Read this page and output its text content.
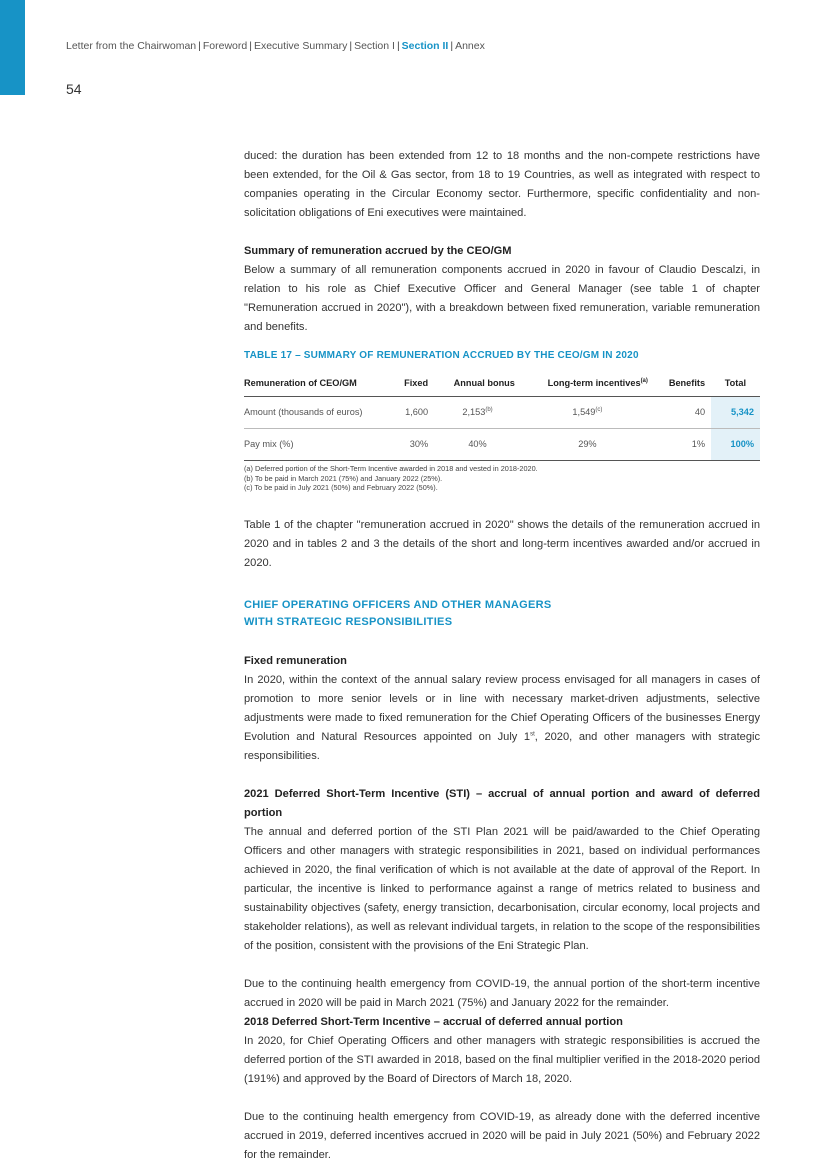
Letter from the Chairwoman | Foreword | Executive Summary | Section I | Section II | Annex
54

duced: the duration has been extended from 12 to 18 months and the non-compete restrictions have been extended, for the Oil & Gas sector, from 18 to 19 Countries, as well as integrated with respect to companies operating in the Circular Economy sector. Furthermore, specific confidentiality and non-solicitation obligations of Eni executives were maintained.

Summary of remuneration accrued by the CEO/GM

Below a summary of all remuneration components accrued in 2020 in favour of Claudio Descalzi, in relation to his role as Chief Executive Officer and General Manager (see table 1 of chapter "Remuneration accrued in 2020"), with a breakdown between fixed remuneration, variable remuneration and benefits.

TABLE 17 – SUMMARY OF REMUNERATION ACCRUED BY THE CEO/GM IN 2020
Remuneration of CEO/GM	Fixed	Annual bonus	Long-term incentives$^{(a)}$	Benefits	Total
Amount (thousands of euros)	1,600	2,153$^{(b)}$	1,549$^{(c)}$	40	5,342
Pay mix (%)	30%	40%	29%	1%	100%
(a) Deferred portion of the Short-Term Incentive awarded in 2018 and vested in 2018-2020.
(b) To be paid in March 2021 (75%) and January 2022 (25%).
(c) To be paid in July 2021 (50%) and February 2022 (50%).

Table 1 of the chapter "remuneration accrued in 2020" shows the details of the remuneration accrued in 2020 and in tables 2 and 3 the details of the short and long-term incentives awarded and/or accrued in 2020.

CHIEF OPERATING OFFICERS AND OTHER MANAGERS
WITH STRATEGIC RESPONSIBILITIES

Fixed remuneration

In 2020, within the context of the annual salary review process envisaged for all managers in cases of promotion to more senior levels or in line with necessary market-driven adjustments, selective adjustments were made to fixed remuneration for the Chief Operating Officers of the businesses Energy Evolution and Natural Resources appointed on July 1st, 2020, and other managers with strategic responsibilities.

2021 Deferred Short-Term Incentive (STI) – accrual of annual portion and award of deferred portion

The annual and deferred portion of the STI Plan 2021 will be paid/awarded to the Chief Operating Officers and other managers with strategic responsibilities in 2021, based on individual performances achieved in 2020, the final verification of which is not available at the date of approval of the Report. In particular, the incentive is linked to performance against a range of metrics related to business and sustainability objectives (safety, energy transiction, decarbonisation, circular economy, local projects and stakeholder relations), as well as relevant individual targets, in relation to the scope of the responsibilities of the position, consistent with the provisions of the Eni Strategic Plan.

Due to the continuing health emergency from COVID-19, the annual portion of the short-term incentive accrued in 2020 will be paid in March 2021 (75%) and January 2022 for the remainder.

2018 Deferred Short-Term Incentive – accrual of deferred annual portion

In 2020, for Chief Operating Officers and other managers with strategic responsibilities is accrued the deferred portion of the STI awarded in 2018, based on the final multiplier verified in the 2018-2020 period (191%) and approved by the Board of Directors of March 18, 2020.

Due to the continuing health emergency from COVID-19, as already done with the deferred incentive accrued in 2019, deferred incentives accrued in 2020 will be paid in July 2021 (50%) and February 2022 for the remainder.
